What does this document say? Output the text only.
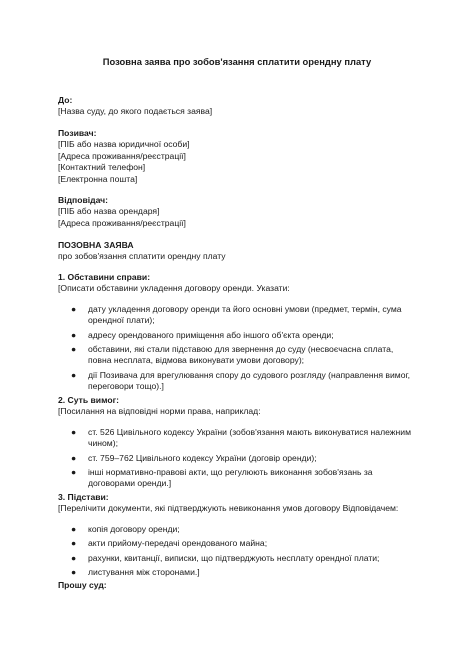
Позовна заява про зобов'язання сплатити орендну плату

До:

[Назва суду, до якого подається заява]

Позивач:

[ПІБ або назва юридичної особи]

[Адреса проживання/реєстрації]

[Контактний телефон]

[Електронна пошта]

Відповідач:

[ПІБ або назва орендаря]

[Адреса проживання/реєстрації]

ПОЗОВНА ЗАЯВА

про зобов'язання сплатити орендну плату

1. Обставини справи:

[Описати обставини укладення договору оренди. Указати:

● дату укладення договору оренди та його основні умови (предмет, термін, сума орендної плати);
● адресу орендованого приміщення або іншого об'єкта оренди;
● обставини, які стали підставою для звернення до суду (несвоєчасна сплата, повна несплата, відмова виконувати умови договору);
● дії Позивача для врегулювання спору до судового розгляду (направлення вимог, переговори тощо).]

2. Суть вимог:

[Посилання на відповідні норми права, наприклад:

● ст. 526 Цивільного кодексу України (зобов'язання мають виконуватися належним чином);
● ст. 759–762 Цивільного кодексу України (договір оренди);
● інші нормативно-правові акти, що регулюють виконання зобов'язань за договорами оренди.]

3. Підстави:

[Перелічити документи, які підтверджують невиконання умов договору Відповідачем:

● копія договору оренди;
● акти прийому-передачі орендованого майна;
● рахунки, квитанції, виписки, що підтверджують несплату орендної плати;
● листування між сторонами.]

Прошу суд:
